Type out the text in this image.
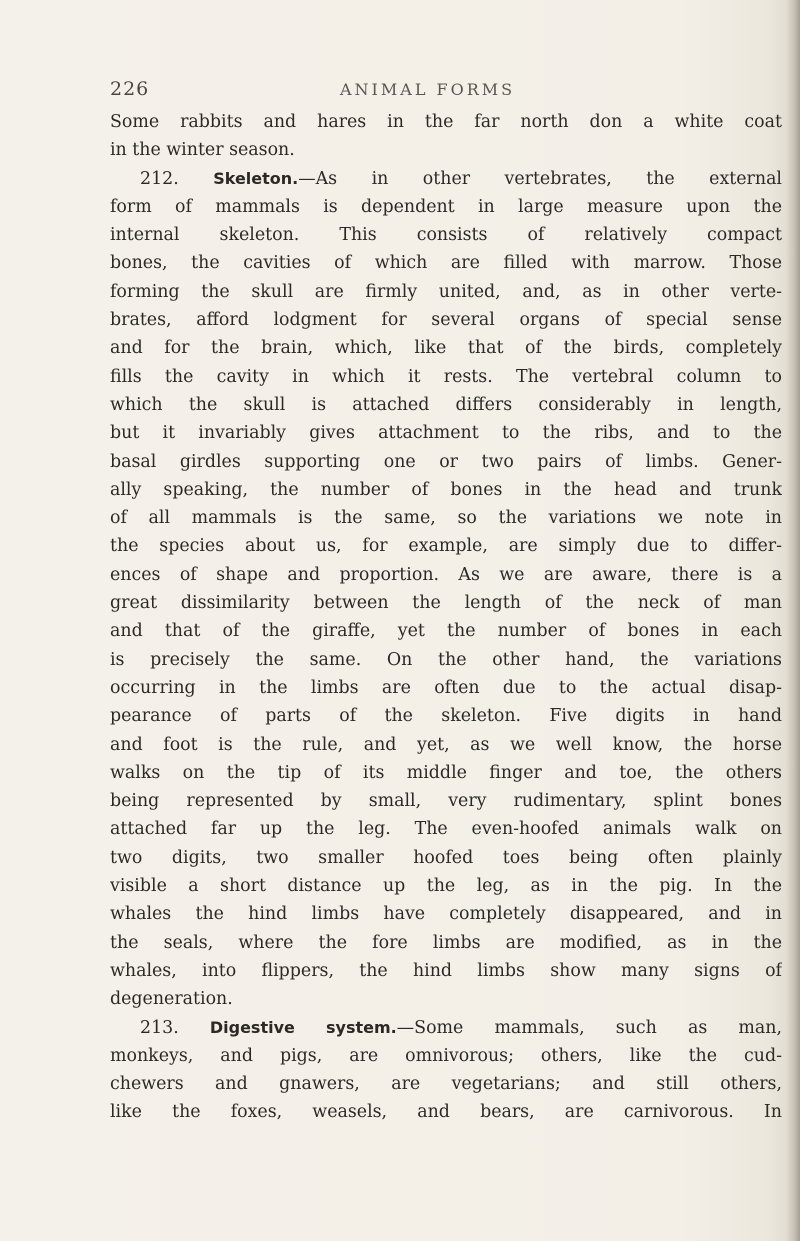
226	ANIMAL FORMS
Some rabbits and hares in the far north don a white coat
in the winter season.
212. Skeleton.—As in other vertebrates, the external
form of mammals is dependent in large measure upon the
internal skeleton. This consists of relatively compact
bones, the cavities of which are filled with marrow. Those
forming the skull are firmly united, and, as in other verte-
brates, afford lodgment for several organs of special sense
and for the brain, which, like that of the birds, completely
fills the cavity in which it rests. The vertebral column to
which the skull is attached differs considerably in length,
but it invariably gives attachment to the ribs, and to the
basal girdles supporting one or two pairs of limbs. Gener-
ally speaking, the number of bones in the head and trunk
of all mammals is the same, so the variations we note in
the species about us, for example, are simply due to differ-
ences of shape and proportion. As we are aware, there is a
great dissimilarity between the length of the neck of man
and that of the giraffe, yet the number of bones in each
is precisely the same. On the other hand, the variations
occurring in the limbs are often due to the actual disap-
pearance of parts of the skeleton. Five digits in hand
and foot is the rule, and yet, as we well know, the horse
walks on the tip of its middle finger and toe, the others
being represented by small, very rudimentary, splint bones
attached far up the leg. The even-hoofed animals walk on
two digits, two smaller hoofed toes being often plainly
visible a short distance up the leg, as in the pig. In the
whales the hind limbs have completely disappeared, and in
the seals, where the fore limbs are modified, as in the
whales, into flippers, the hind limbs show many signs of
degeneration.
213. Digestive system.—Some mammals, such as man,
monkeys, and pigs, are omnivorous; others, like the cud-
chewers and gnawers, are vegetarians; and still others,
like the foxes, weasels, and bears, are carnivorous. In
